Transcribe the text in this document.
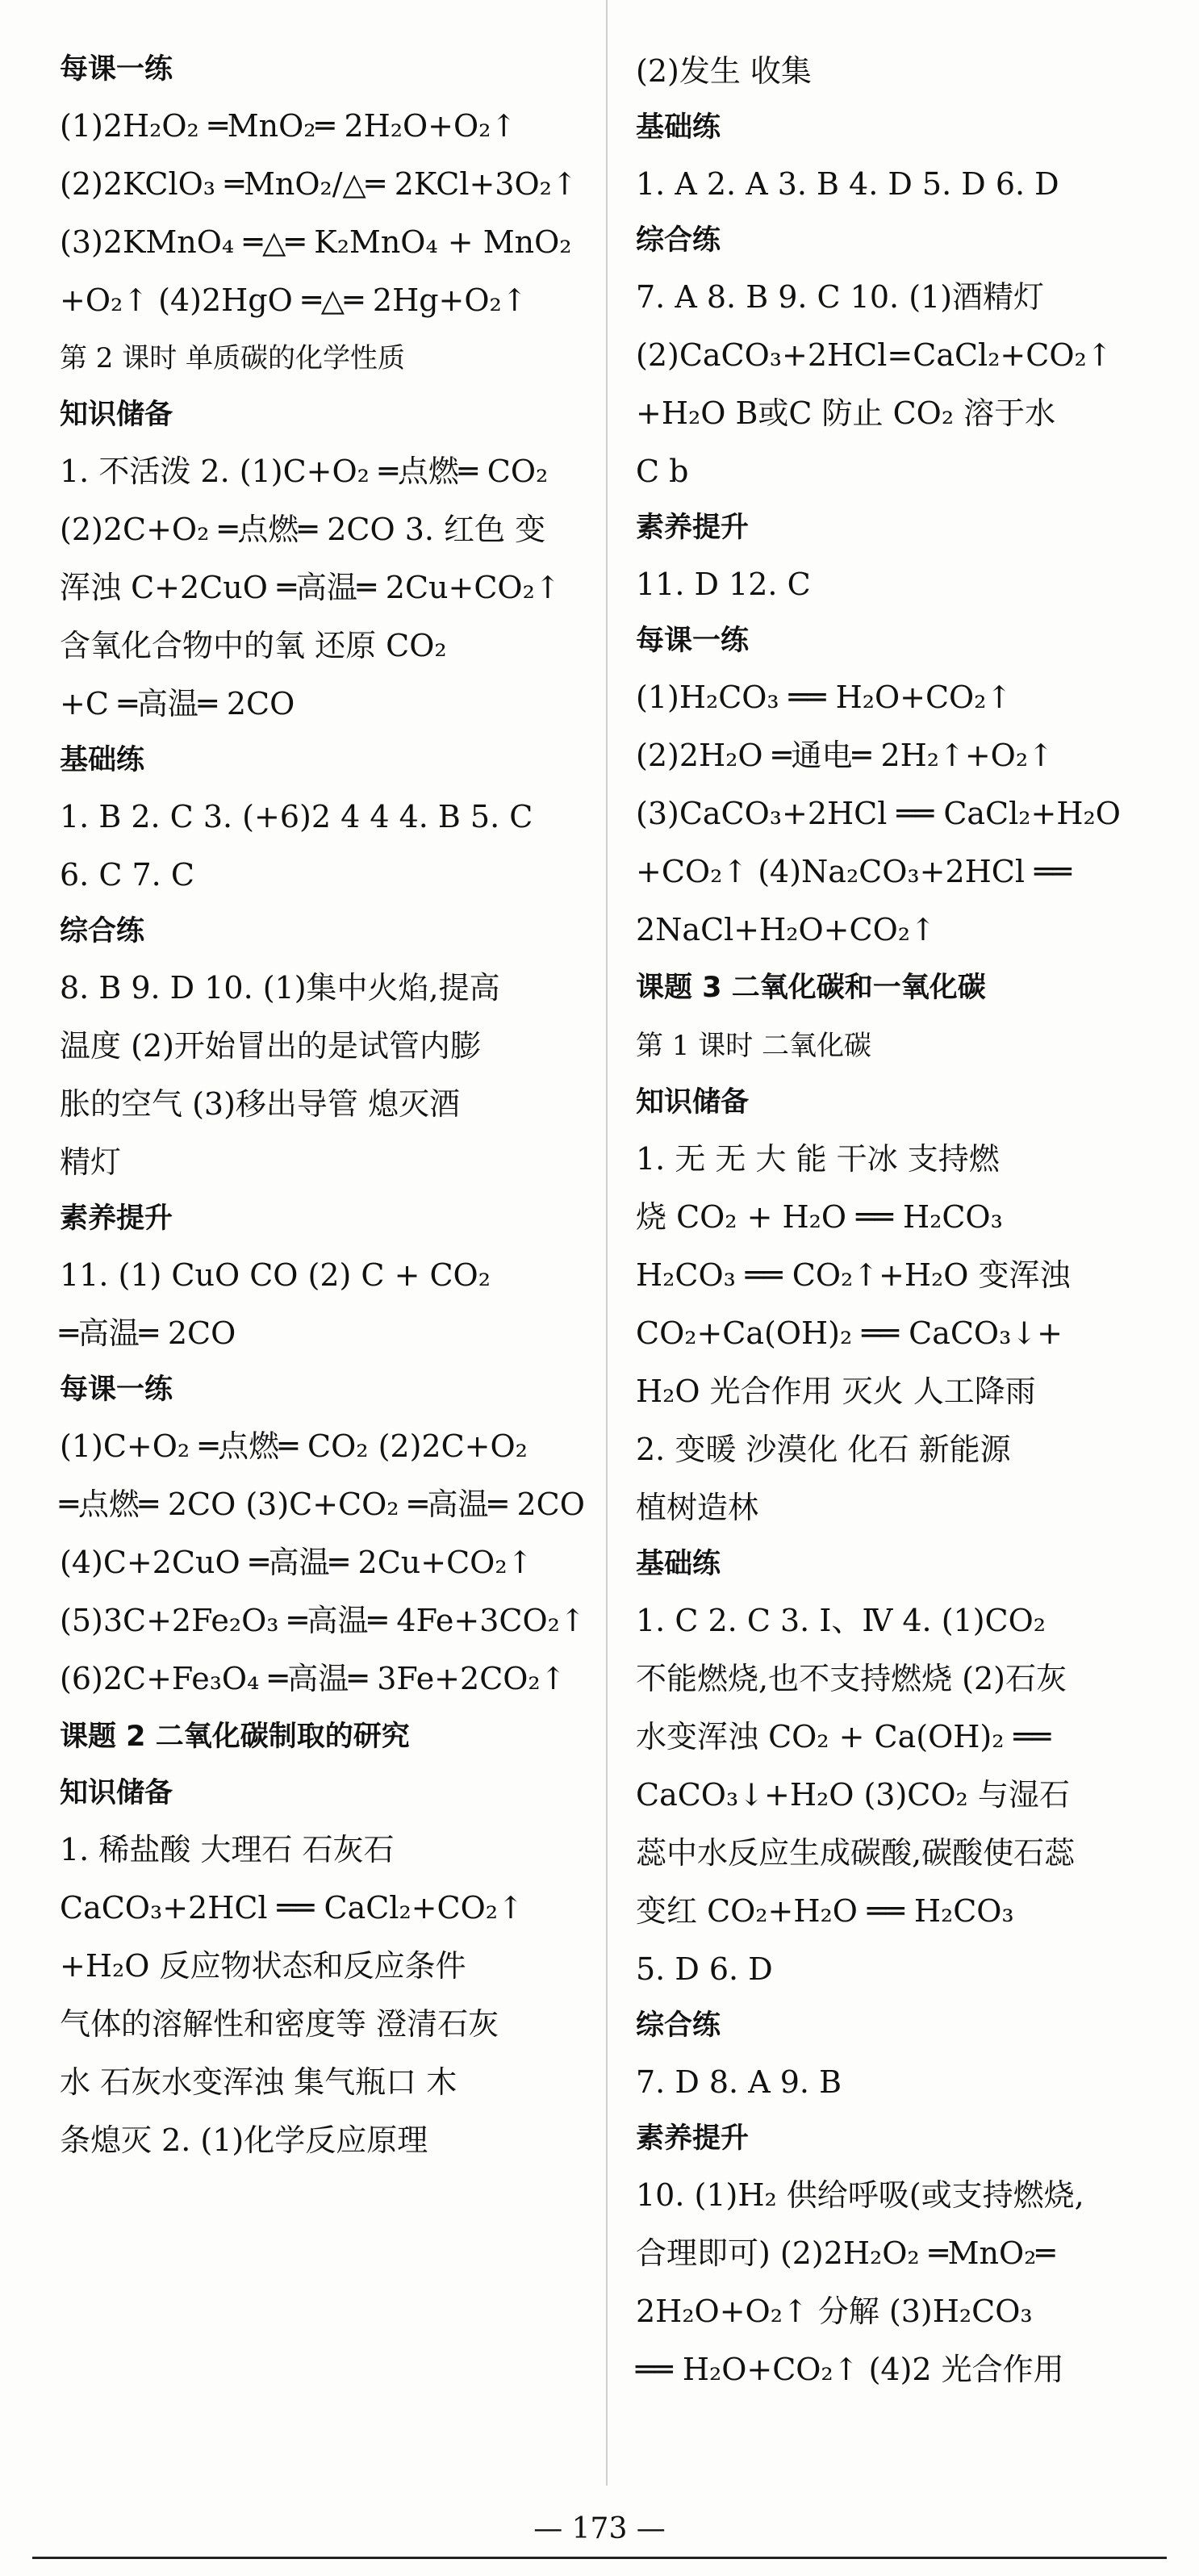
每课一练
(1)2H₂O₂ ═MnO₂═ 2H₂O+O₂↑
(2)2KClO₃ ═MnO₂/△═ 2KCl+3O₂↑
(3)2KMnO₄ ═△═ K₂MnO₄ + MnO₂
+O₂↑ (4)2HgO ═△═ 2Hg+O₂↑
第 2 课时 单质碳的化学性质
知识储备
1. 不活泼 2. (1)C+O₂ ═点燃═ CO₂
(2)2C+O₂ ═点燃═ 2CO 3. 红色 变
浑浊 C+2CuO ═高温═ 2Cu+CO₂↑
含氧化合物中的氧 还原 CO₂
+C ═高温═ 2CO
基础练
1. B 2. C 3. (+6)2 4 4 4. B 5. C
6. C 7. C
综合练
8. B 9. D 10. (1)集中火焰,提高
温度 (2)开始冒出的是试管内膨
胀的空气 (3)移出导管 熄灭酒
精灯
素养提升
11. (1) CuO CO (2) C + CO₂
═高温═ 2CO
每课一练
(1)C+O₂ ═点燃═ CO₂ (2)2C+O₂
═点燃═ 2CO (3)C+CO₂ ═高温═ 2CO
(4)C+2CuO ═高温═ 2Cu+CO₂↑
(5)3C+2Fe₂O₃ ═高温═ 4Fe+3CO₂↑
(6)2C+Fe₃O₄ ═高温═ 3Fe+2CO₂↑
课题 2 二氧化碳制取的研究
知识储备
1. 稀盐酸 大理石 石灰石
CaCO₃+2HCl ══ CaCl₂+CO₂↑
+H₂O 反应物状态和反应条件
气体的溶解性和密度等 澄清石灰
水 石灰水变浑浊 集气瓶口 木
条熄灭 2. (1)化学反应原理
(2)发生 收集
基础练
1. A 2. A 3. B 4. D 5. D 6. D
综合练
7. A 8. B 9. C 10. (1)酒精灯
(2)CaCO₃+2HCl=CaCl₂+CO₂↑
+H₂O B或C 防止 CO₂ 溶于水
C b
素养提升
11. D 12. C
每课一练
(1)H₂CO₃ ══ H₂O+CO₂↑
(2)2H₂O ═通电═ 2H₂↑+O₂↑
(3)CaCO₃+2HCl ══ CaCl₂+H₂O
+CO₂↑ (4)Na₂CO₃+2HCl ══
2NaCl+H₂O+CO₂↑
课题 3 二氧化碳和一氧化碳
第 1 课时 二氧化碳
知识储备
1. 无 无 大 能 干冰 支持燃
烧 CO₂ + H₂O ══ H₂CO₃
H₂CO₃ ══ CO₂↑+H₂O 变浑浊
CO₂+Ca(OH)₂ ══ CaCO₃↓+
H₂O 光合作用 灭火 人工降雨
2. 变暖 沙漠化 化石 新能源
植树造林
基础练
1. C 2. C 3. Ⅰ、Ⅳ 4. (1)CO₂
不能燃烧,也不支持燃烧 (2)石灰
水变浑浊 CO₂ + Ca(OH)₂ ══
CaCO₃↓+H₂O (3)CO₂ 与湿石
蕊中水反应生成碳酸,碳酸使石蕊
变红 CO₂+H₂O ══ H₂CO₃
5. D 6. D
综合练
7. D 8. A 9. B
素养提升
10. (1)H₂ 供给呼吸(或支持燃烧,
合理即可) (2)2H₂O₂ ═MnO₂═
2H₂O+O₂↑ 分解 (3)H₂CO₃
══ H₂O+CO₂↑ (4)2 光合作用
— 173 —
